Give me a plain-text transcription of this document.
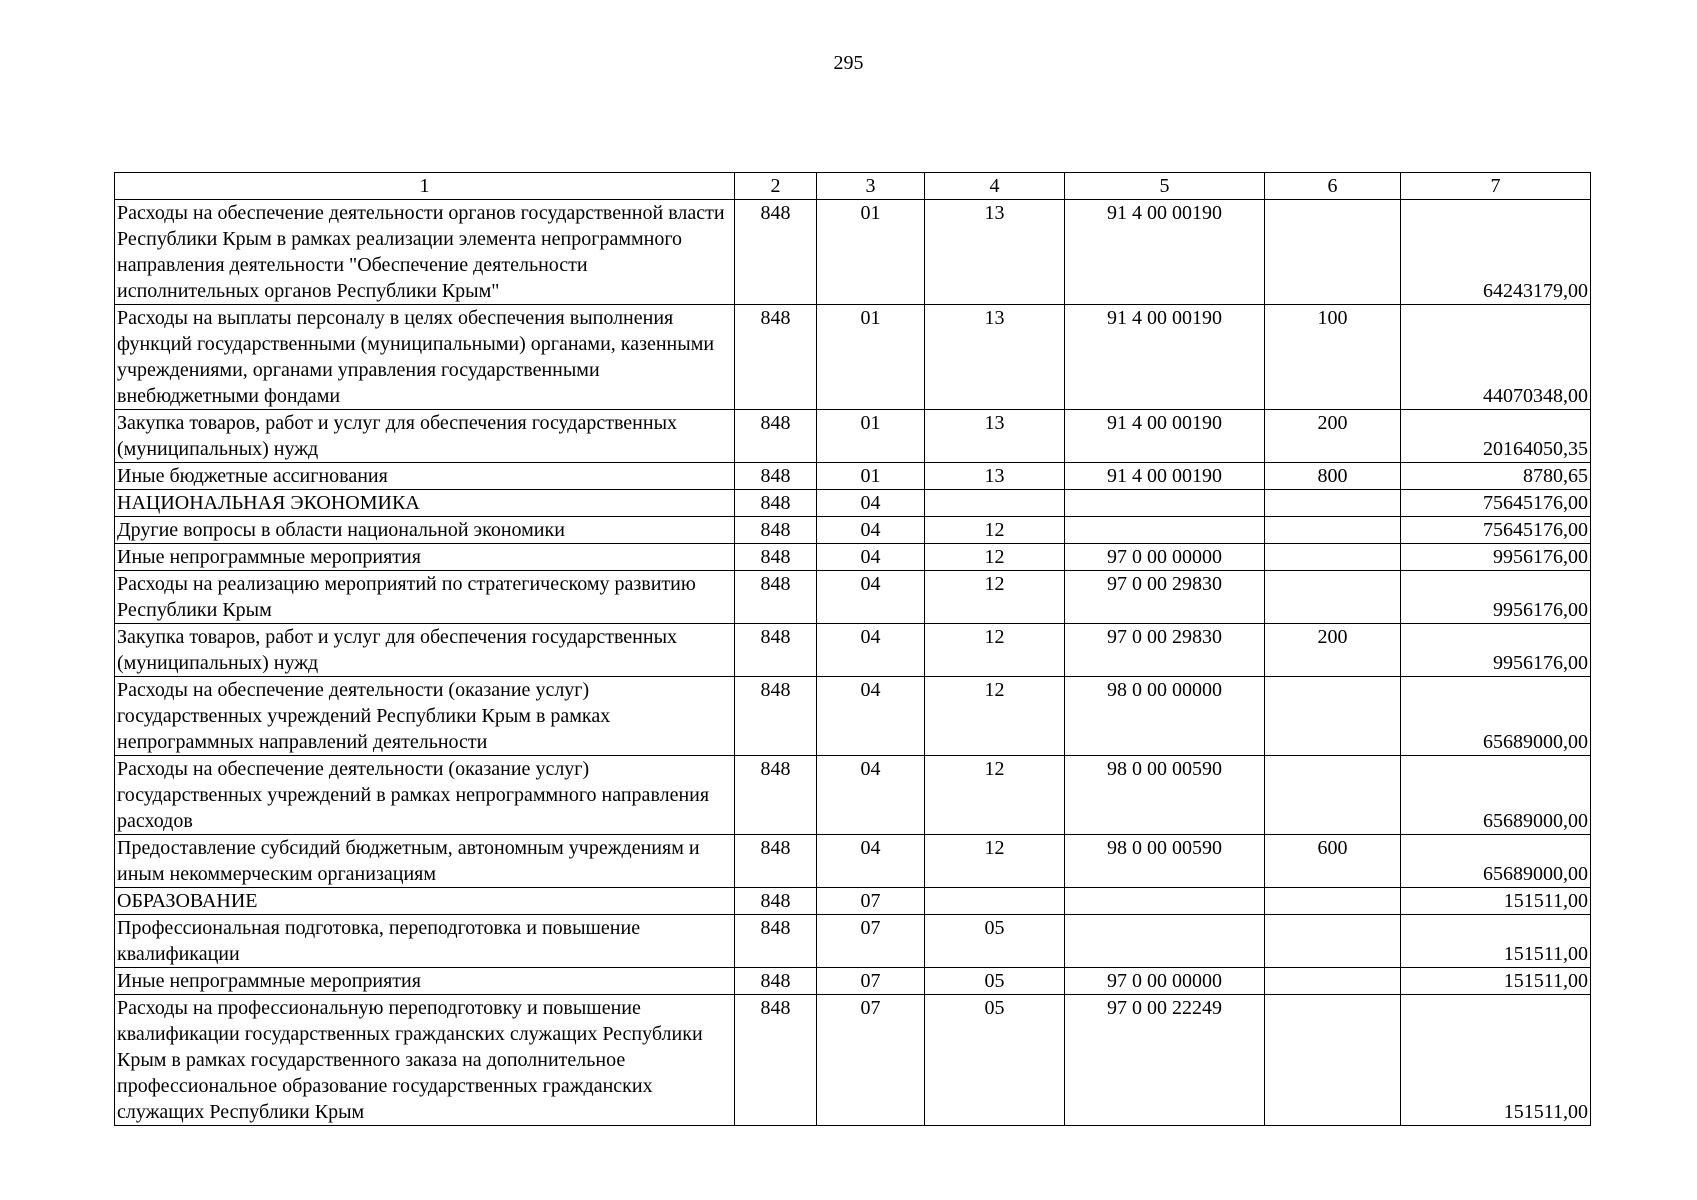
295
1	2	3	4	5	6	7
Расходы на обеспечение деятельности органов государственной власти Республики Крым в рамках реализации элемента непрограммного направления деятельности "Обеспечение деятельности исполнительных органов Республики Крым"	848	01	13	91 4 00 00190		64243179,00
Расходы на выплаты персоналу в целях обеспечения выполнения функций государственными (муниципальными) органами, казенными учреждениями, органами управления государственными внебюджетными фондами	848	01	13	91 4 00 00190	100	44070348,00
Закупка товаров, работ и услуг для обеспечения государственных (муниципальных) нужд	848	01	13	91 4 00 00190	200	20164050,35
Иные бюджетные ассигнования	848	01	13	91 4 00 00190	800	8780,65
НАЦИОНАЛЬНАЯ ЭКОНОМИКА	848	04				75645176,00
Другие вопросы в области национальной экономики	848	04	12			75645176,00
Иные непрограммные мероприятия	848	04	12	97 0 00 00000		9956176,00
Расходы на реализацию мероприятий по стратегическому развитию Республики Крым	848	04	12	97 0 00 29830		9956176,00
Закупка товаров, работ и услуг для обеспечения государственных (муниципальных) нужд	848	04	12	97 0 00 29830	200	9956176,00
Расходы на обеспечение деятельности (оказание услуг) государственных учреждений Республики Крым в рамках непрограммных направлений деятельности	848	04	12	98 0 00 00000		65689000,00
Расходы на обеспечение деятельности (оказание услуг) государственных учреждений в рамках непрограммного направления расходов	848	04	12	98 0 00 00590		65689000,00
Предоставление субсидий бюджетным, автономным учреждениям и иным некоммерческим организациям	848	04	12	98 0 00 00590	600	65689000,00
ОБРАЗОВАНИЕ	848	07				151511,00
Профессиональная подготовка, переподготовка и повышение квалификации	848	07	05			151511,00
Иные непрограммные мероприятия	848	07	05	97 0 00 00000		151511,00
Расходы на профессиональную переподготовку и повышение квалификации государственных гражданских служащих Республики Крым в рамках государственного заказа на дополнительное профессиональное образование государственных гражданских служащих Республики Крым	848	07	05	97 0 00 22249		151511,00
